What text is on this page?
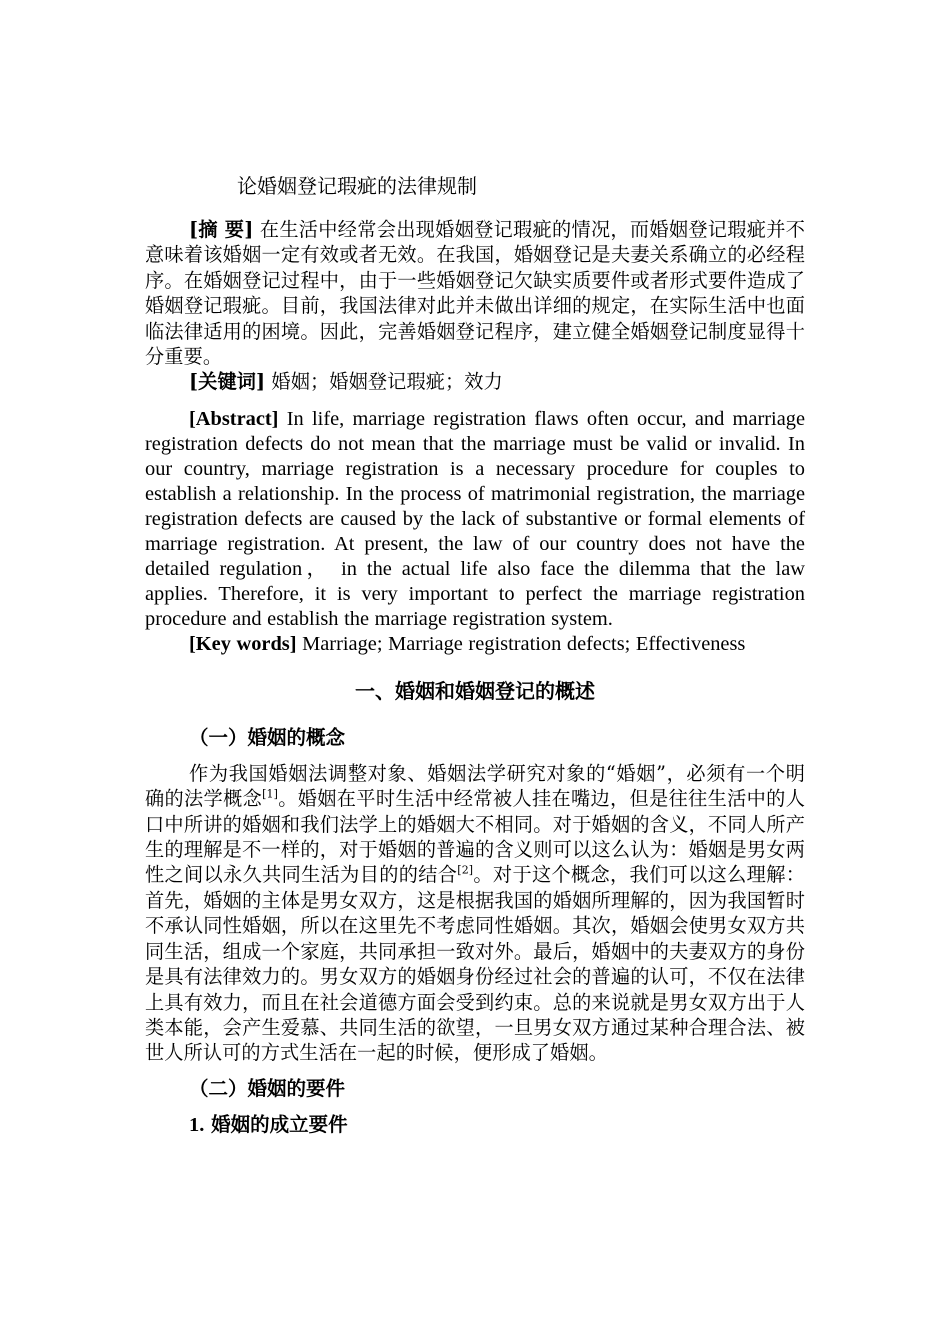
论婚姻登记瑕疵的法律规制

[摘 要] 在生活中经常会出现婚姻登记瑕疵的情况，而婚姻登记瑕疵并不意味着该婚姻一定有效或者无效。在我国，婚姻登记是夫妻关系确立的必经程序。在婚姻登记过程中，由于一些婚姻登记欠缺实质要件或者形式要件造成了婚姻登记瑕疵。目前，我国法律对此并未做出详细的规定，在实际生活中也面临法律适用的困境。因此，完善婚姻登记程序，建立健全婚姻登记制度显得十分重要。

[关键词] 婚姻；婚姻登记瑕疵；效力

[Abstract] In life, marriage registration flaws often occur, and marriage registration defects do not mean that the marriage must be valid or invalid. In our country, marriage registration is a necessary procedure for couples to establish a relationship. In the process of matrimonial registration, the marriage registration defects are caused by the lack of substantive or formal elements of marriage registration. At present, the law of our country does not have the detailed regulation， in the actual life also face the dilemma that the law applies. Therefore, it is very important to perfect the marriage registration procedure and establish the marriage registration system.

[Key words] Marriage; Marriage registration defects; Effectiveness

一、婚姻和婚姻登记的概述
（一）婚姻的概念

作为我国婚姻法调整对象、婚姻法学研究对象的“婚姻”，必须有一个明确的法学概念[1]。婚姻在平时生活中经常被人挂在嘴边，但是往往生活中的人口中所讲的婚姻和我们法学上的婚姻大不相同。对于婚姻的含义，不同人所产生的理解是不一样的，对于婚姻的普遍的含义则可以这么认为：婚姻是男女两性之间以永久共同生活为目的的结合[2]。对于这个概念，我们可以这么理解：首先，婚姻的主体是男女双方，这是根据我国的婚姻所理解的，因为我国暂时不承认同性婚姻，所以在这里先不考虑同性婚姻。其次，婚姻会使男女双方共同生活，组成一个家庭，共同承担一致对外。最后，婚姻中的夫妻双方的身份是具有法律效力的。男女双方的婚姻身份经过社会的普遍的认可，不仅在法律上具有效力，而且在社会道德方面会受到约束。总的来说就是男女双方出于人类本能，会产生爱慕、共同生活的欲望，一旦男女双方通过某种合理合法、被世人所认可的方式生活在一起的时候，便形成了婚姻。

（二）婚姻的要件
1. 婚姻的成立要件
